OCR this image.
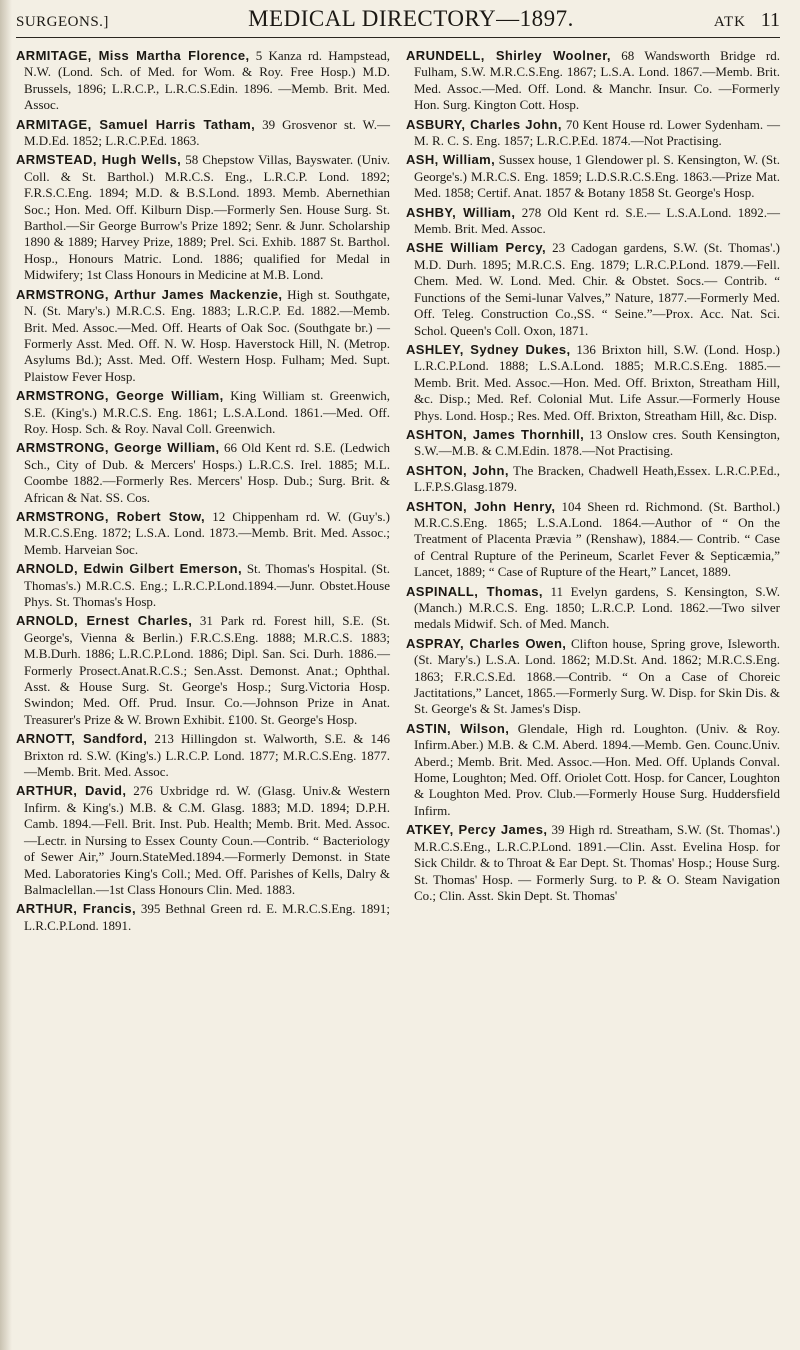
SURGEONS.]	MEDICAL DIRECTORY—1897.	ATK 11

ARMITAGE, Miss Martha Florence, 5 Kanza rd. Hampstead, N.W. (Lond. Sch. of Med. for Wom. & Roy. Free Hosp.) M.D. Brussels, 1896; L.R.C.P., L.R.C.S.Edin. 1896. —Memb. Brit. Med. Assoc.

ARMITAGE, Samuel Harris Tatham, 39 Grosvenor st. W.—M.D.Ed. 1852; L.R.C.P.Ed. 1863.

ARMSTEAD, Hugh Wells, 58 Chepstow Villas, Bayswater. (Univ. Coll. & St. Barthol.) M.R.C.S. Eng., L.R.C.P. Lond. 1892; F.R.S.C.Eng. 1894; M.D. & B.S.Lond. 1893. Memb. Abernethian Soc.; Hon. Med. Off. Kilburn Disp.—Formerly Sen. House Surg. St. Barthol.—Sir George Burrow's Prize 1892; Senr. & Junr. Scholarship 1890 & 1889; Harvey Prize, 1889; Prel. Sci. Exhib. 1887 St. Barthol. Hosp., Honours Matric. Lond. 1886; qualified for Medal in Midwifery; 1st Class Honours in Medicine at M.B. Lond.

ARMSTRONG, Arthur James Mackenzie, High st. Southgate, N. (St. Mary's.) M.R.C.S. Eng. 1883; L.R.C.P. Ed. 1882.—Memb. Brit. Med. Assoc.—Med. Off. Hearts of Oak Soc. (Southgate br.) — Formerly Asst. Med. Off. N. W. Hosp. Haverstock Hill, N. (Metrop. Asylums Bd.); Asst. Med. Off. Western Hosp. Fulham; Med. Supt. Plaistow Fever Hosp.

ARMSTRONG, George William, King William st. Greenwich, S.E. (King's.) M.R.C.S. Eng. 1861; L.S.A.Lond. 1861.—Med. Off. Roy. Hosp. Sch. & Roy. Naval Coll. Greenwich.

ARMSTRONG, George William, 66 Old Kent rd. S.E. (Ledwich Sch., City of Dub. & Mercers' Hosps.) L.R.C.S. Irel. 1885; M.L. Coombe 1882.—Formerly Res. Mercers' Hosp. Dub.; Surg. Brit. & African & Nat. SS. Cos.

ARMSTRONG, Robert Stow, 12 Chippenham rd. W. (Guy's.) M.R.C.S.Eng. 1872; L.S.A. Lond. 1873.—Memb. Brit. Med. Assoc.; Memb. Harveian Soc.

ARNOLD, Edwin Gilbert Emerson, St. Thomas's Hospital. (St. Thomas's.) M.R.C.S. Eng.; L.R.C.P.Lond.1894.—Junr. Obstet.House Phys. St. Thomas's Hosp.

ARNOLD, Ernest Charles, 31 Park rd. Forest hill, S.E. (St. George's, Vienna & Berlin.) F.R.C.S.Eng. 1888; M.R.C.S. 1883; M.B.Durh. 1886; L.R.C.P.Lond. 1886; Dipl. San. Sci. Durh. 1886.—Formerly Prosect.Anat.R.C.S.; Sen.Asst. Demonst. Anat.; Ophthal. Asst. & House Surg. St. George's Hosp.; Surg.Victoria Hosp. Swindon; Med. Off. Prud. Insur. Co.—Johnson Prize in Anat. Treasurer's Prize & W. Brown Exhibit. £100. St. George's Hosp.

ARNOTT, Sandford, 213 Hillingdon st. Walworth, S.E. & 146 Brixton rd. S.W. (King's.) L.R.C.P. Lond. 1877; M.R.C.S.Eng. 1877.—Memb. Brit. Med. Assoc.

ARTHUR, David, 276 Uxbridge rd. W. (Glasg. Univ.& Western Infirm. & King's.) M.B. & C.M. Glasg. 1883; M.D. 1894; D.P.H. Camb. 1894.—Fell. Brit. Inst. Pub. Health; Memb. Brit. Med. Assoc.—Lectr. in Nursing to Essex County Coun.—Contrib. “ Bacteriology of Sewer Air,” Journ.StateMed.1894.—Formerly Demonst. in State Med. Laboratories King's Coll.; Med. Off. Parishes of Kells, Dalry & Balmaclellan.—1st Class Honours Clin. Med. 1883.

ARTHUR, Francis, 395 Bethnal Green rd. E. M.R.C.S.Eng. 1891; L.R.C.P.Lond. 1891.

ARUNDELL, Shirley Woolner, 68 Wandsworth Bridge rd. Fulham, S.W. M.R.C.S.Eng. 1867; L.S.A. Lond. 1867.—Memb. Brit. Med. Assoc.—Med. Off. Lond. & Manchr. Insur. Co. —Formerly Hon. Surg. Kington Cott. Hosp.

ASBURY, Charles John, 70 Kent House rd. Lower Sydenham. — M. R. C. S. Eng. 1857; L.R.C.P.Ed. 1874.—Not Practising.

ASH, William, Sussex house, 1 Glendower pl. S. Kensington, W. (St. George's.) M.R.C.S. Eng. 1859; L.D.S.R.C.S.Eng. 1863.—Prize Mat. Med. 1858; Certif. Anat. 1857 & Botany 1858 St. George's Hosp.

ASHBY, William, 278 Old Kent rd. S.E.— L.S.A.Lond. 1892.—Memb. Brit. Med. Assoc.

ASHE William Percy, 23 Cadogan gardens, S.W. (St. Thomas'.) M.D. Durh. 1895; M.R.C.S. Eng. 1879; L.R.C.P.Lond. 1879.—Fell. Chem. Med. W. Lond. Med. Chir. & Obstet. Socs.— Contrib. “ Functions of the Semi-lunar Valves,” Nature, 1877.—Formerly Med. Off. Teleg. Construction Co.,SS. “ Seine.”—Prox. Acc. Nat. Sci. Schol. Queen's Coll. Oxon, 1871.

ASHLEY, Sydney Dukes, 136 Brixton hill, S.W. (Lond. Hosp.) L.R.C.P.Lond. 1888; L.S.A.Lond. 1885; M.R.C.S.Eng. 1885.—Memb. Brit. Med. Assoc.—Hon. Med. Off. Brixton, Streatham Hill, &c. Disp.; Med. Ref. Colonial Mut. Life Assur.—Formerly House Phys. Lond. Hosp.; Res. Med. Off. Brixton, Streatham Hill, &c. Disp.

ASHTON, James Thornhill, 13 Onslow cres. South Kensington, S.W.—M.B. & C.M.Edin. 1878.—Not Practising.

ASHTON, John, The Bracken, Chadwell Heath,Essex. L.R.C.P.Ed., L.F.P.S.Glasg.1879.

ASHTON, John Henry, 104 Sheen rd. Richmond. (St. Barthol.) M.R.C.S.Eng. 1865; L.S.A.Lond. 1864.—Author of “ On the Treatment of Placenta Prævia ” (Renshaw), 1884.— Contrib. “ Case of Central Rupture of the Perineum, Scarlet Fever & Septicæmia,” Lancet, 1889; “ Case of Rupture of the Heart,” Lancet, 1889.

ASPINALL, Thomas, 11 Evelyn gardens, S. Kensington, S.W. (Manch.) M.R.C.S. Eng. 1850; L.R.C.P. Lond. 1862.—Two silver medals Midwif. Sch. of Med. Manch.

ASPRAY, Charles Owen, Clifton house, Spring grove, Isleworth. (St. Mary's.) L.S.A. Lond. 1862; M.D.St. And. 1862; M.R.C.S.Eng. 1863; F.R.C.S.Ed. 1868.—Contrib. “ On a Case of Choreic Jactitations,” Lancet, 1865.—Formerly Surg. W. Disp. for Skin Dis. & St. George's & St. James's Disp.

ASTIN, Wilson, Glendale, High rd. Loughton. (Univ. & Roy. Infirm.Aber.) M.B. & C.M. Aberd. 1894.—Memb. Gen. Counc.Univ. Aberd.; Memb. Brit. Med. Assoc.—Hon. Med. Off. Uplands Conval. Home, Loughton; Med. Off. Oriolet Cott. Hosp. for Cancer, Loughton & Loughton Med. Prov. Club.—Formerly House Surg. Huddersfield Infirm.

ATKEY, Percy James, 39 High rd. Streatham, S.W. (St. Thomas'.) M.R.C.S.Eng., L.R.C.P.Lond. 1891.—Clin. Asst. Evelina Hosp. for Sick Childr. & to Throat & Ear Dept. St. Thomas' Hosp.; House Surg. St. Thomas' Hosp. — Formerly Surg. to P. & O. Steam Navigation Co.; Clin. Asst. Skin Dept. St. Thomas'
